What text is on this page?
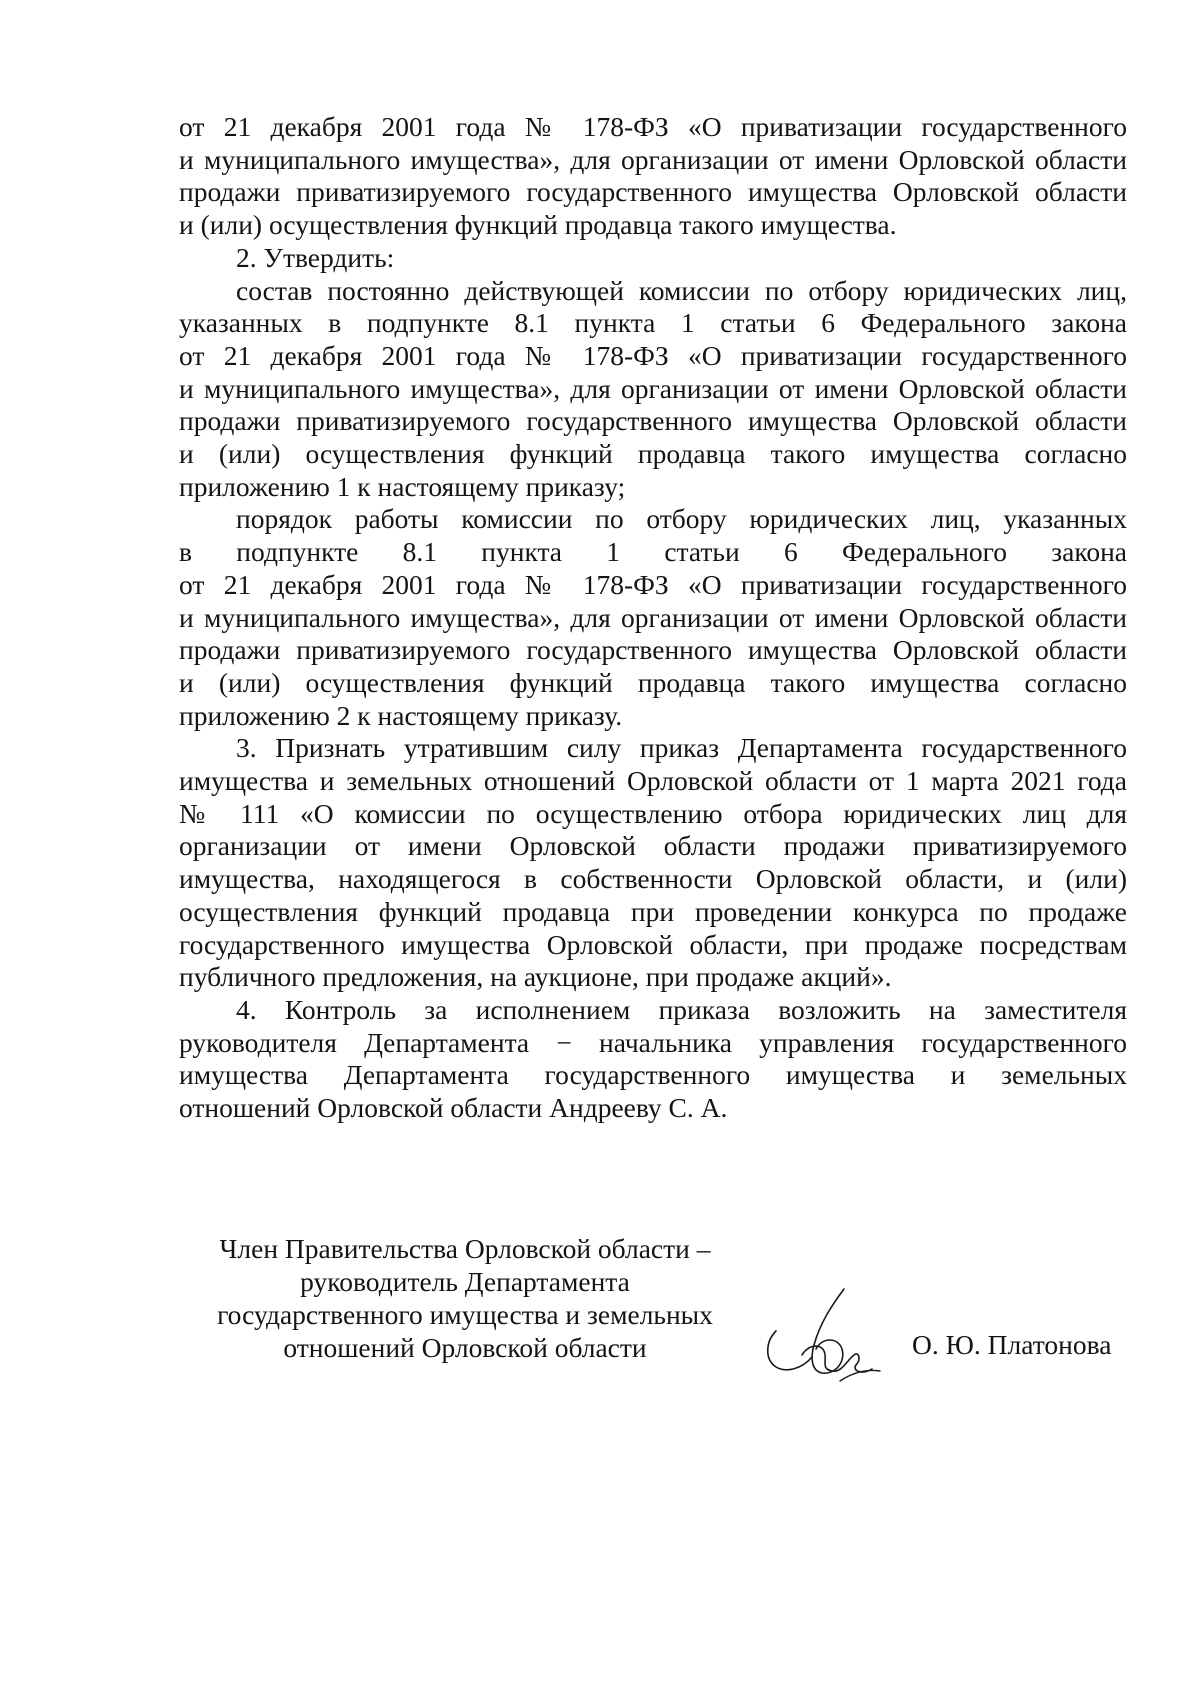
от 21 декабря 2001 года № 178-ФЗ «О приватизации государственного
и муниципального имущества», для организации от имени Орловской области
продажи приватизируемого государственного имущества Орловской области
и (или) осуществления функций продавца такого имущества.

2. Утвердить:

состав постоянно действующей комиссии по отбору юридических лиц,
указанных в подпункте 8.1 пункта 1 статьи 6 Федерального закона
от 21 декабря 2001 года № 178-ФЗ «О приватизации государственного
и муниципального имущества», для организации от имени Орловской области
продажи приватизируемого государственного имущества Орловской области
и (или) осуществления функций продавца такого имущества согласно
приложению 1 к настоящему приказу;

порядок работы комиссии по отбору юридических лиц, указанных
в подпункте 8.1 пункта 1 статьи 6 Федерального закона
от 21 декабря 2001 года № 178-ФЗ «О приватизации государственного
и муниципального имущества», для организации от имени Орловской области
продажи приватизируемого государственного имущества Орловской области
и (или) осуществления функций продавца такого имущества согласно
приложению 2 к настоящему приказу.

3. Признать утратившим силу приказ Департамента государственного
имущества и земельных отношений Орловской области от 1 марта 2021 года
№ 111 «О комиссии по осуществлению отбора юридических лиц для
организации от имени Орловской области продажи приватизируемого
имущества, находящегося в собственности Орловской области, и (или)
осуществления функций продавца при проведении конкурса по продаже
государственного имущества Орловской области, при продаже посредствам
публичного предложения, на аукционе, при продаже акций».

4. Контроль за исполнением приказа возложить на заместителя
руководителя Департамента − начальника управления государственного
имущества Департамента государственного имущества и земельных
отношений Орловской области Андрееву С. А.

Член Правительства Орловской области –
руководитель Департамента
государственного имущества и земельных
отношений Орловской области	О. Ю. Платонова
